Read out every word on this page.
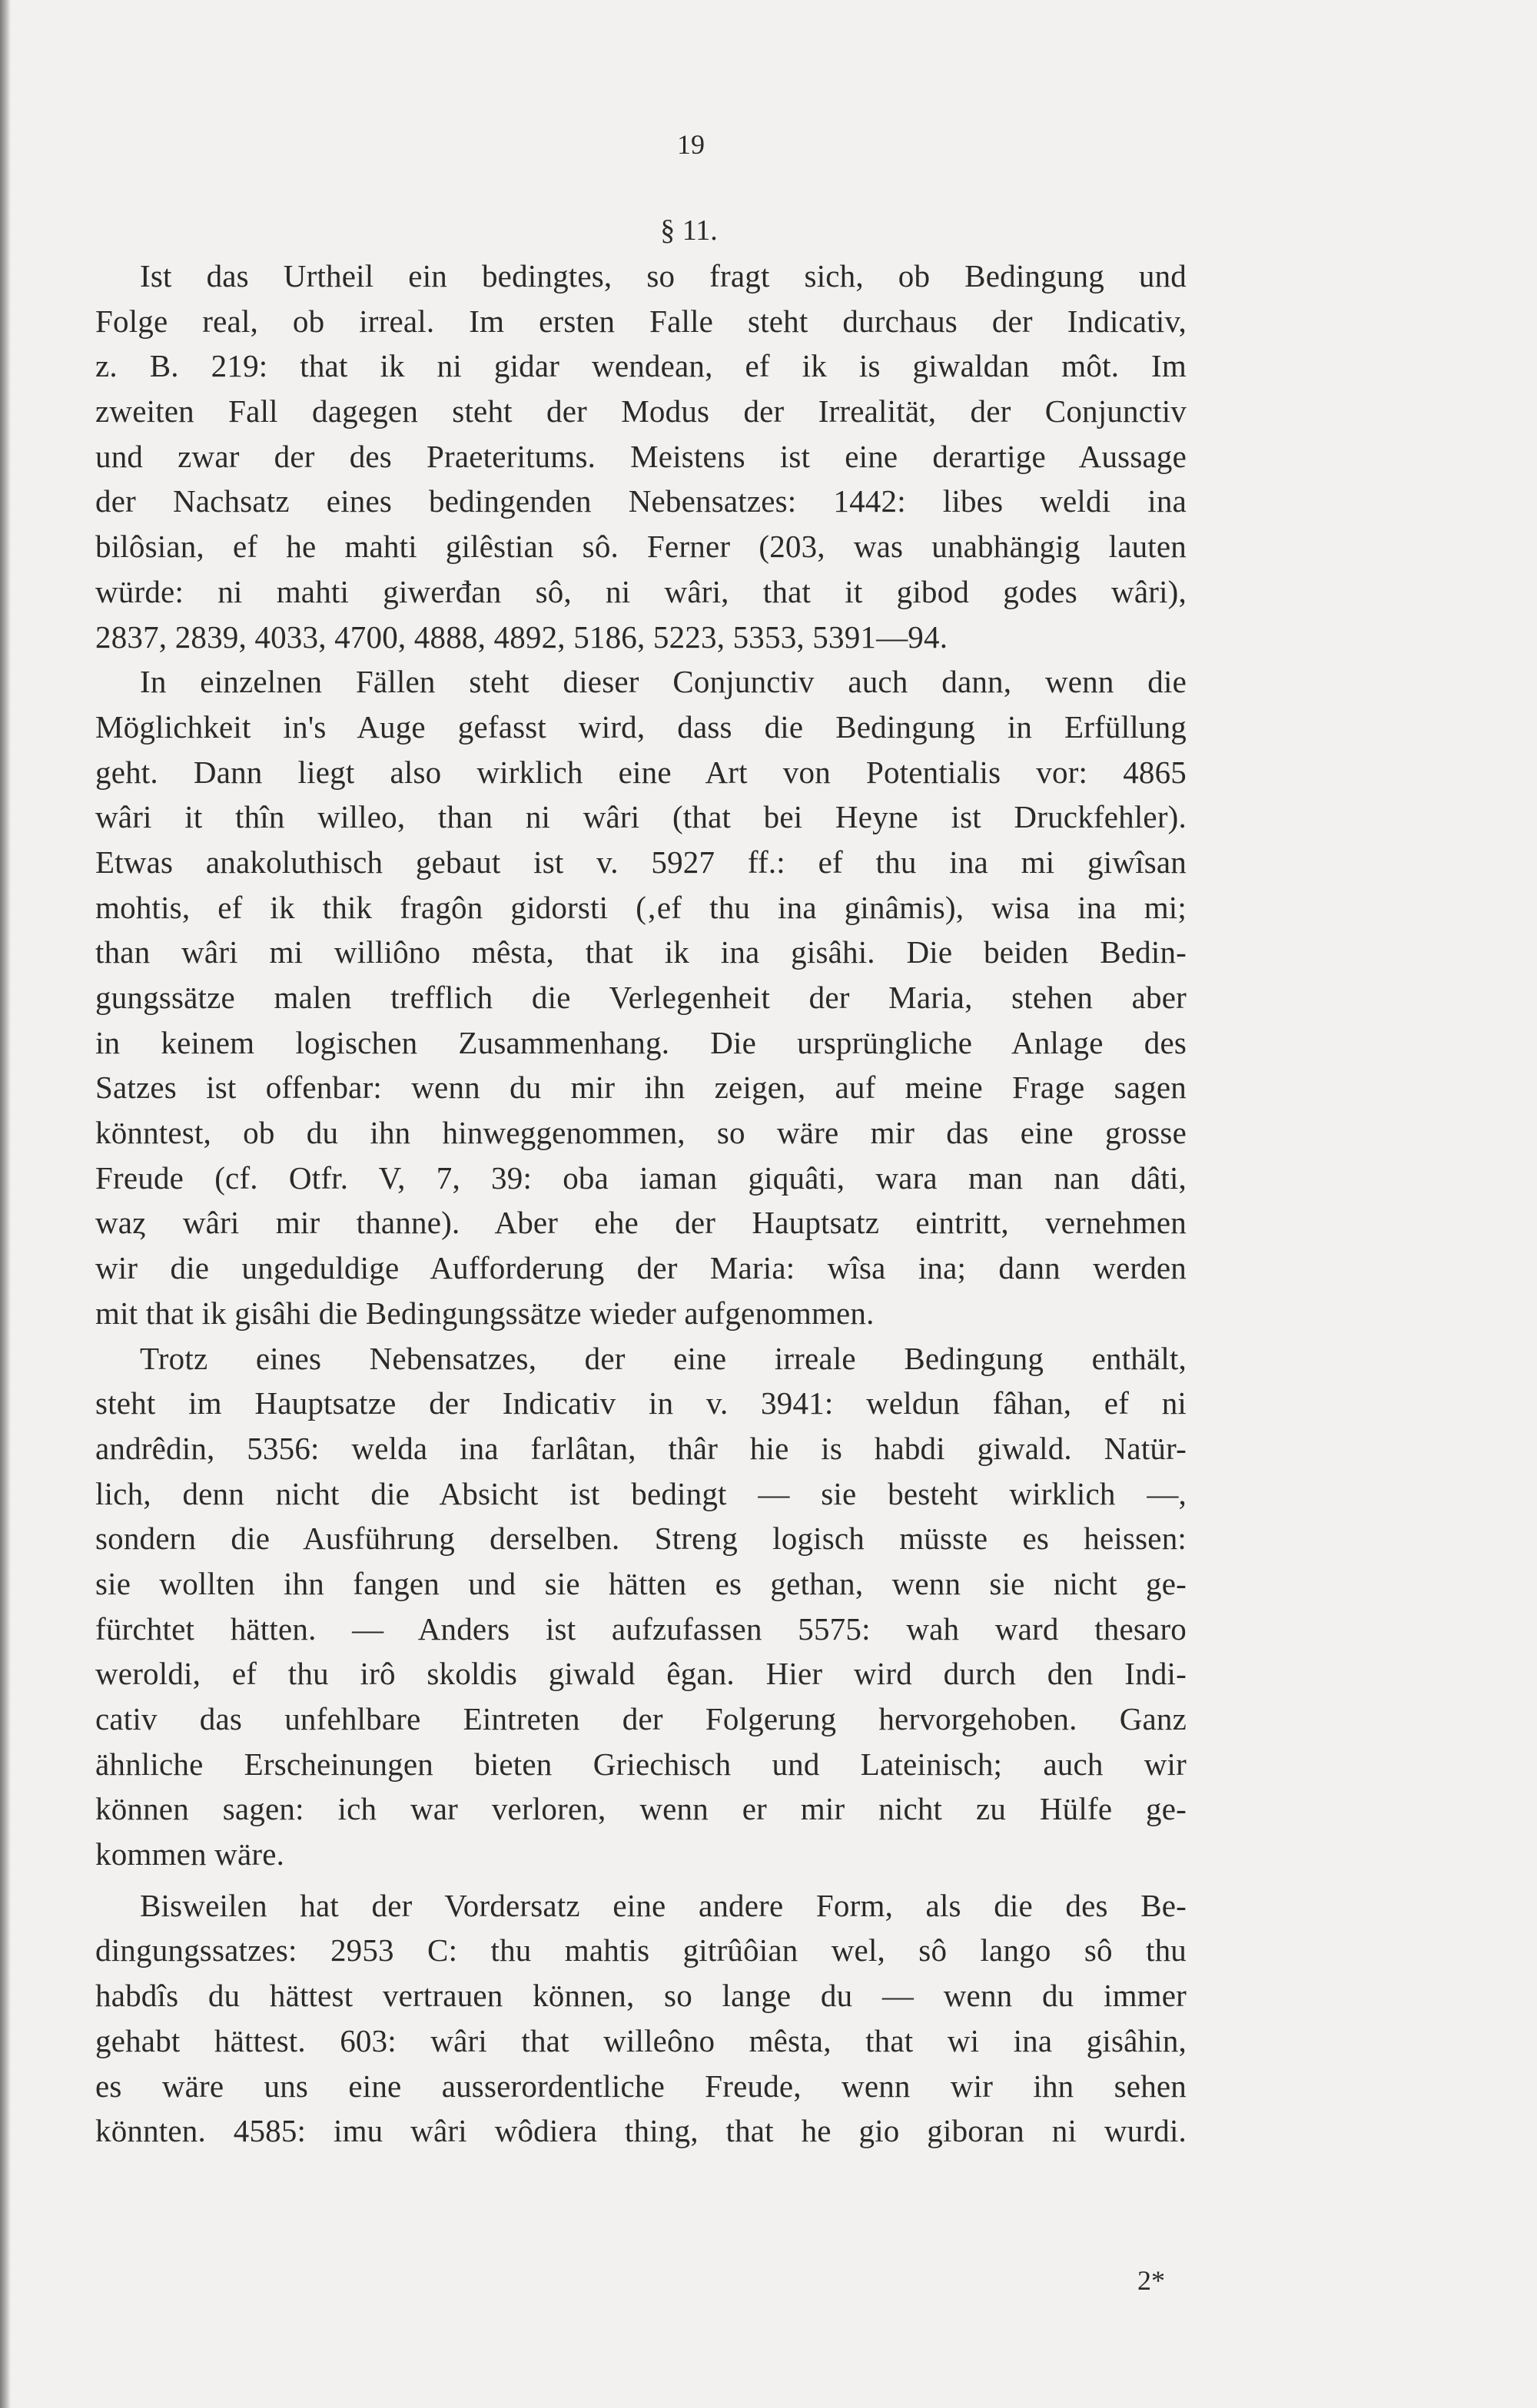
19
§ 11.
Ist das Urtheil ein bedingtes, so fragt sich, ob Bedingung und
Folge real, ob irreal. Im ersten Falle steht durchaus der Indicativ,
z. B. 219: that ik ni gidar wendean, ef ik is giwaldan môt. Im
zweiten Fall dagegen steht der Modus der Irrealität, der Conjunctiv
und zwar der des Praeteritums. Meistens ist eine derartige Aussage
der Nachsatz eines bedingenden Nebensatzes: 1442: libes weldi ina
bilôsian, ef he mahti gilêstian sô. Ferner (203, was unabhängig lauten
würde: ni mahti giwerđan sô, ni wâri, that it gibod godes wâri),
2837, 2839, 4033, 4700, 4888, 4892, 5186, 5223, 5353, 5391—94.
In einzelnen Fällen steht dieser Conjunctiv auch dann, wenn die
Möglichkeit in's Auge gefasst wird, dass die Bedingung in Erfüllung
geht. Dann liegt also wirklich eine Art von Potentialis vor: 4865
wâri it thîn willeo, than ni wâri (that bei Heyne ist Druckfehler).
Etwas anakoluthisch gebaut ist v. 5927 ff.: ef thu ina mi giwîsan
mohtis, ef ik thik fragôn gidorsti (‚ef thu ina ginâmis), wisa ina mi;
than wâri mi williôno mêsta, that ik ina gisâhi. Die beiden Bedin-
gungssätze malen trefflich die Verlegenheit der Maria, stehen aber
in keinem logischen Zusammenhang. Die ursprüngliche Anlage des
Satzes ist offenbar: wenn du mir ihn zeigen, auf meine Frage sagen
könntest, ob du ihn hinweggenommen, so wäre mir das eine grosse
Freude (cf. Otfr. V, 7, 39: oba iaman giquâti, wara man nan dâti,
waȥ wâri mir thanne). Aber ehe der Hauptsatz eintritt, vernehmen
wir die ungeduldige Aufforderung der Maria: wîsa ina; dann werden
mit that ik gisâhi die Bedingungssätze wieder aufgenommen.
Trotz eines Nebensatzes, der eine irreale Bedingung enthält,
steht im Hauptsatze der Indicativ in v. 3941: weldun fâhan, ef ni
andrêdin, 5356: welda ina farlâtan, thâr hie is habdi giwald. Natür-
lich, denn nicht die Absicht ist bedingt — sie besteht wirklich —,
sondern die Ausführung derselben. Streng logisch müsste es heissen:
sie wollten ihn fangen und sie hätten es gethan, wenn sie nicht ge-
fürchtet hätten. — Anders ist aufzufassen 5575: wah ward thesaro
weroldi, ef thu irô skoldis giwald êgan. Hier wird durch den Indi-
cativ das unfehlbare Eintreten der Folgerung hervorgehoben. Ganz
ähnliche Erscheinungen bieten Griechisch und Lateinisch; auch wir
können sagen: ich war verloren, wenn er mir nicht zu Hülfe ge-
kommen wäre.
Bisweilen hat der Vordersatz eine andere Form, als die des Be-
dingungssatzes: 2953 C: thu mahtis gitrûôian wel, sô lango sô thu
habdîs du hättest vertrauen können, so lange du — wenn du immer
gehabt hättest. 603: wâri that willeôno mêsta, that wi ina gisâhin,
es wäre uns eine ausserordentliche Freude, wenn wir ihn sehen
könnten. 4585: imu wâri wôdiera thing, that he gio giboran ni wurdi.
2*
